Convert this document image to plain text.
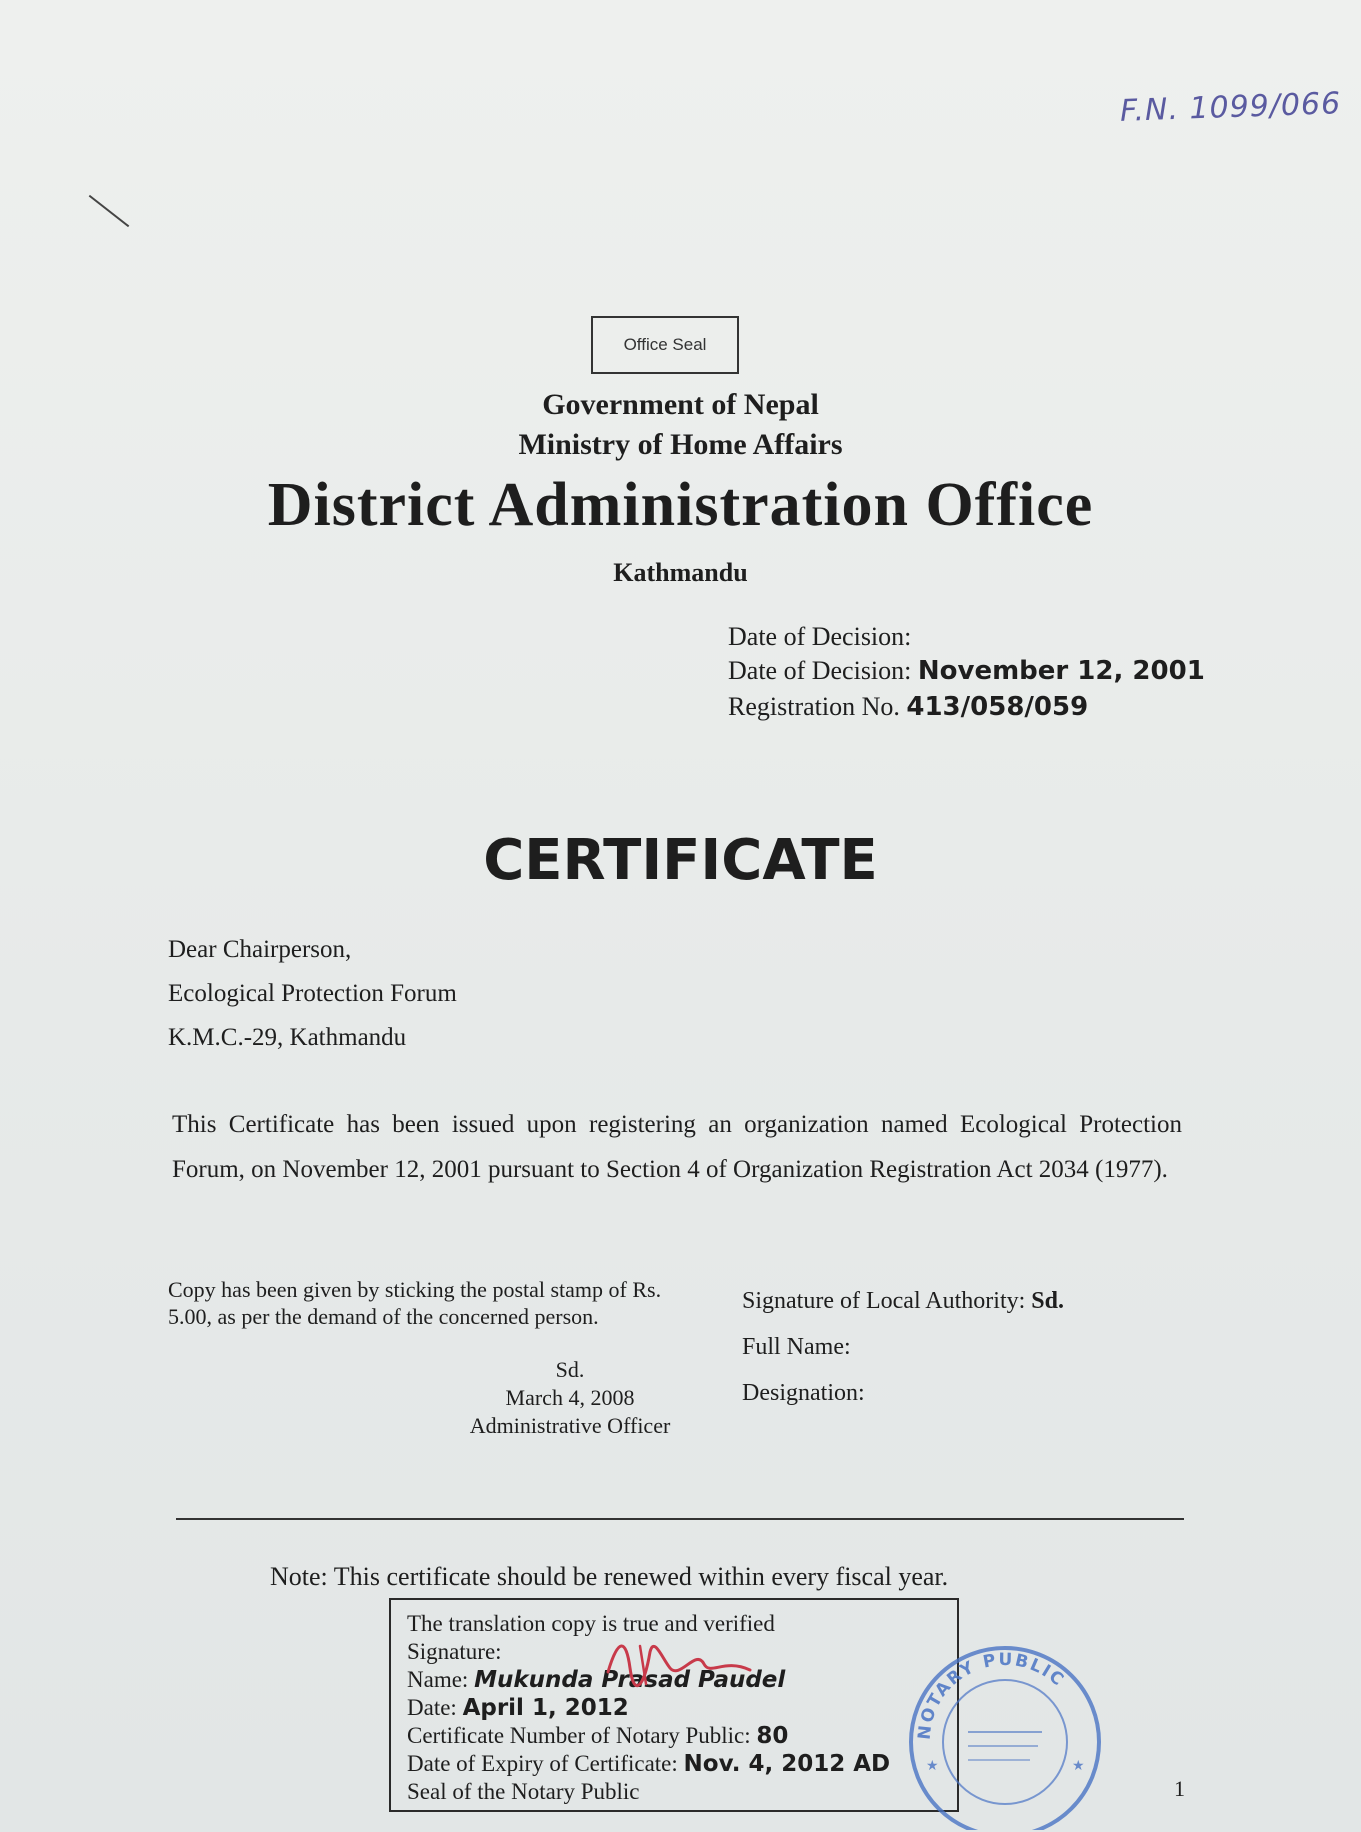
F.N. 1099/066
Office Seal
Government of Nepal
Ministry of Home Affairs
District Administration Office
Kathmandu
Date of Decision:
Date of Decision: November 12, 2001
Registration No. 413/058/059
CERTIFICATE
Dear Chairperson,
Ecological Protection Forum
K.M.C.-29, Kathmandu
This Certificate has been issued upon registering an organization named Ecological Protection Forum, on November 12, 2001 pursuant to Section 4 of Organization Registration Act 2034 (1977).
Copy has been given by sticking the postal stamp of Rs. 5.00, as per the demand of the concerned person.
Sd.
March 4, 2008
Administrative Officer
Signature of Local Authority: Sd.
Full Name:
Designation:
Note: This certificate should be renewed within every fiscal year.
The translation copy is true and verified
Signature:
Name: Mukunda Prasad Paudel
Date: April 1, 2012
Certificate Number of Notary Public: 80
Date of Expiry of Certificate: Nov. 4, 2012 AD
Seal of the Notary Public
NOTARY PUBLIC
★	★
1
